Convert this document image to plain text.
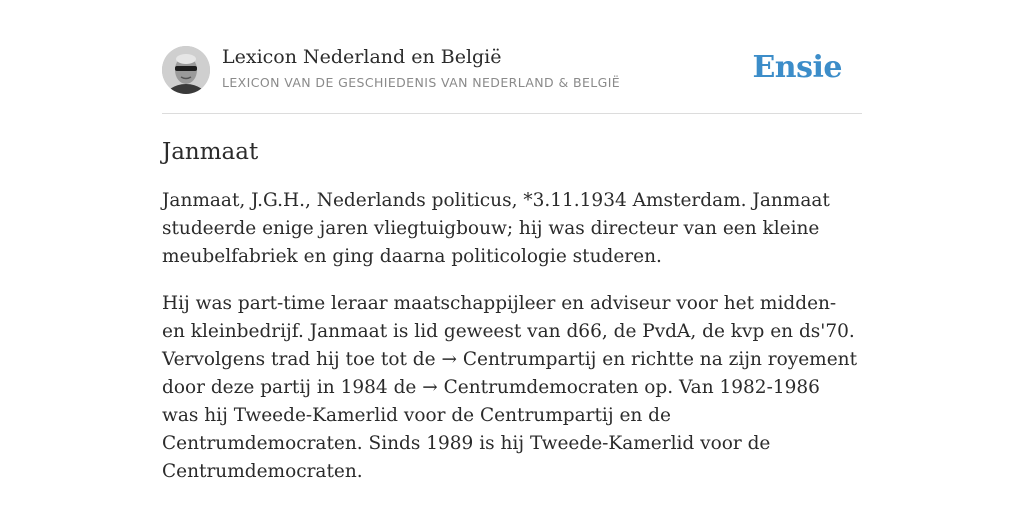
Lexicon Nederland en België
LEXICON VAN DE GESCHIEDENIS VAN NEDERLAND & BELGIË	Ensie
Janmaat

Janmaat, J.G.H., Nederlands politicus, *3.11.1934 Amsterdam. Janmaat studeerde enige jaren vliegtuigbouw; hij was directeur van een kleine meubelfabriek en ging daarna politicologie studeren.

Hij was part-time leraar maatschappijleer en adviseur voor het midden- en kleinbedrijf. Janmaat is lid geweest van d66, de PvdA, de kvp en ds'70. Vervolgens trad hij toe tot de → Centrumpartij en richtte na zijn royement door deze partij in 1984 de → Centrumdemocraten op. Van 1982-1986 was hij Tweede-Kamerlid voor de Centrumpartij en de Centrumdemocraten. Sinds 1989 is hij Tweede-Kamerlid voor de Centrumdemocraten.
